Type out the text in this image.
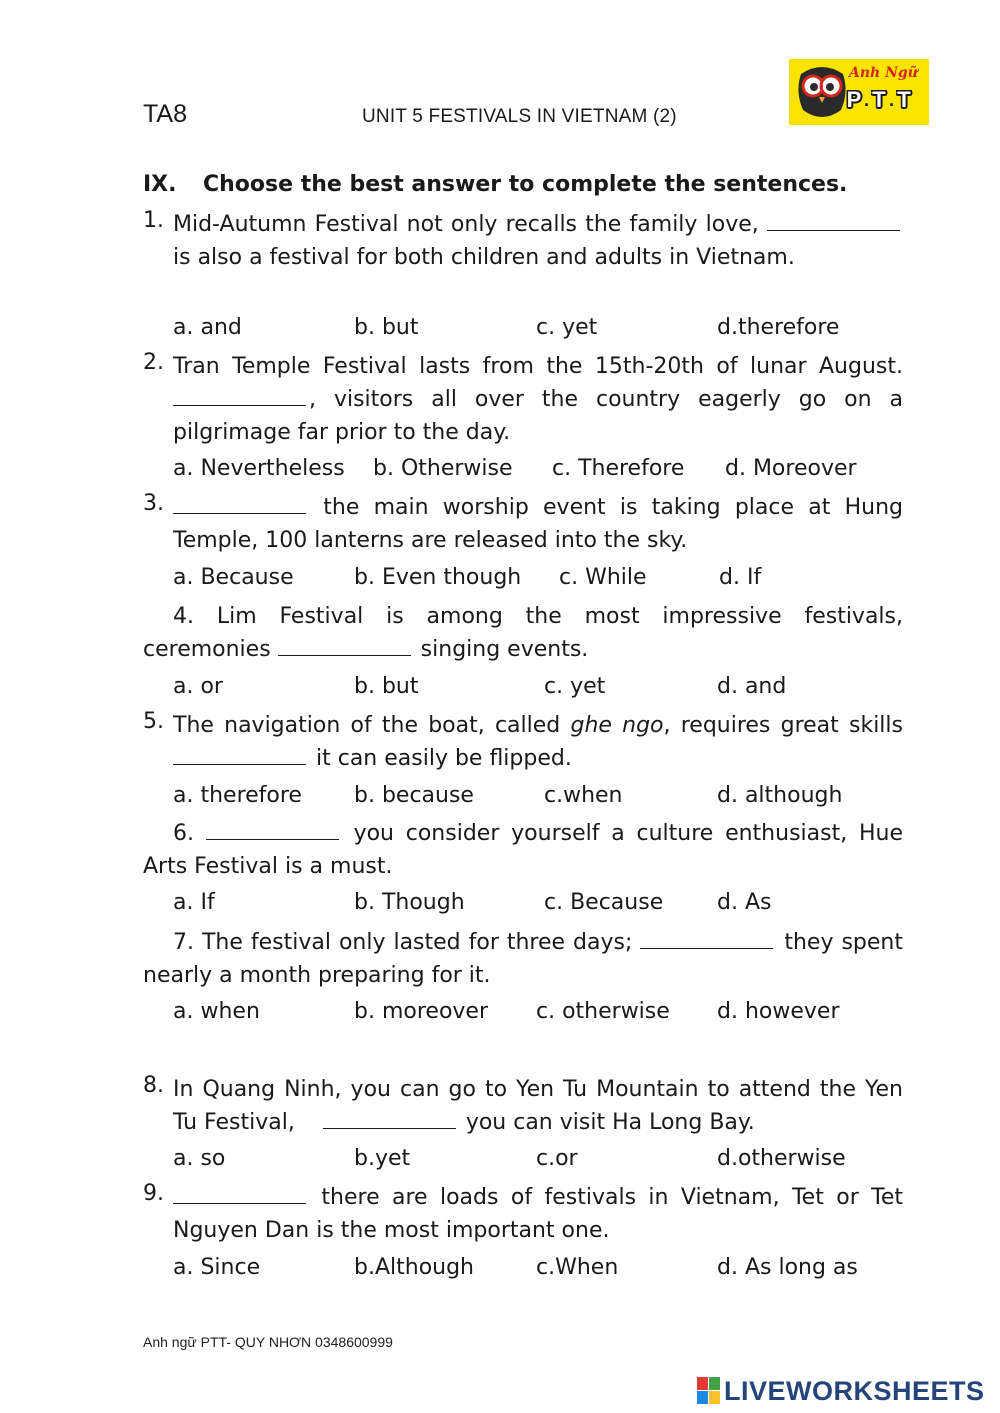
TA8	UNIT 5 FESTIVALS IN VIETNAM (2)
Anh Ngữ
P . T . T
IX. Choose the best answer to complete the sentences.
1. Mid-Autumn Festival not only recalls the family love,  is also a festival for both children and adults in Vietnam.
a. and	b. but	c. yet	d.therefore
2. Tran Temple Festival lasts from the 15th-20th of lunar August. , visitors all over the country eagerly go on a pilgrimage far prior to the day.
a. Nevertheless b. Otherwise c. Therefore d. Moreover
3.	the main worship event is taking place at Hung Temple, 100 lanterns are released into the sky.
a. Because	b. Even though c. While	d. If
4. Lim Festival is among the most impressive festivals, ceremonies	singing events.
a. or	b. but	c. yet	d. and
5. The navigation of the boat, called ghe ngo, requires great skills  it can easily be flipped.
a. therefore b. because	c.when	d. although
6.	you consider yourself a culture enthusiast, Hue Arts Festival is a must.
a. If	b. Though	c. Because d. As
7. The festival only lasted for three days;	they spent nearly a month preparing for it.
a. when	b. moreover c. otherwise d. however
8. In Quang Ninh, you can go to Yen Tu Mountain to attend the Yen Tu Festival,	you can visit Ha Long Bay.
a. so	b.yet	c.or	d.otherwise
9.	there are loads of festivals in Vietnam, Tet or Tet Nguyen Dan is the most important one.
a. Since	b.Although	c.When	d. As long as
Anh ngữ PTT- QUY NHƠN 0348600999
LIVEWORKSHEETS
